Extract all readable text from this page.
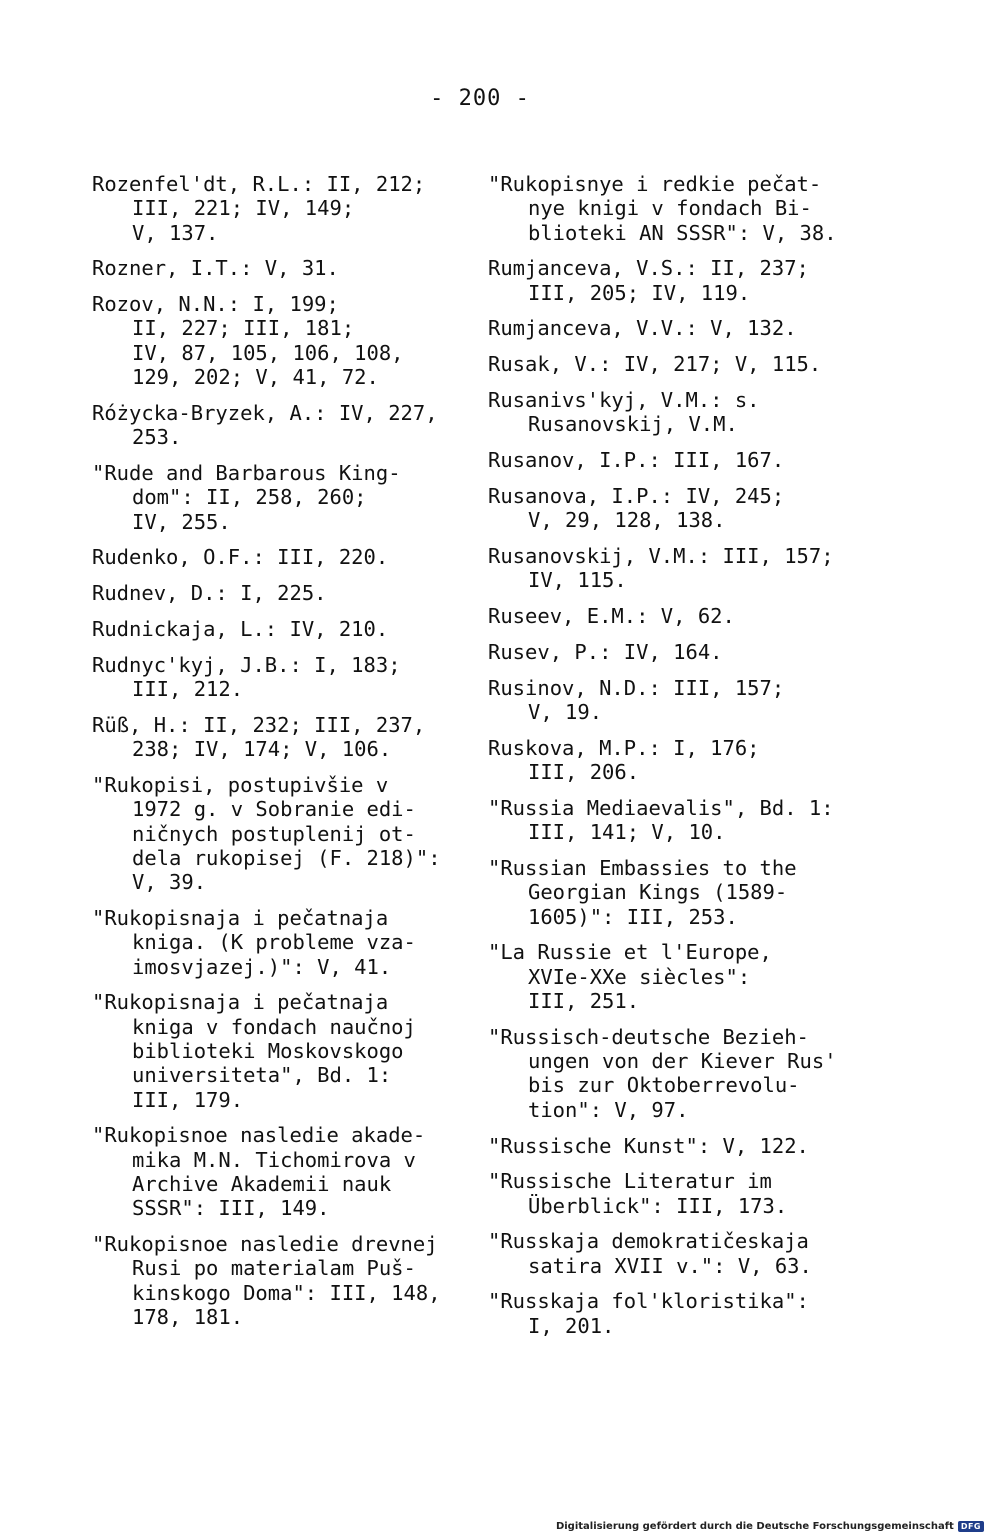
- 200 -
Rozenfel'dt, R.L.: II, 212;
III, 221; IV, 149;
V, 137.
Rozner, I.T.: V, 31.
Rozov, N.N.: I, 199;
II, 227; III, 181;
IV, 87, 105, 106, 108,
129, 202; V, 41, 72.
Różycka-Bryzek, A.: IV, 227,
253.
"Rude and Barbarous King-
dom": II, 258, 260;
IV, 255.
Rudenko, O.F.: III, 220.
Rudnev, D.: I, 225.
Rudnickaja, L.: IV, 210.
Rudnyc'kyj, J.B.: I, 183;
III, 212.
Rüß, H.: II, 232; III, 237,
238; IV, 174; V, 106.
"Rukopisi, postupivšie v
1972 g. v Sobranie edi-
ničnych postuplenij ot-
dela rukopisej (F. 218)":
V, 39.
"Rukopisnaja i pečatnaja
kniga. (K probleme vza-
imosvjazej.)": V, 41.
"Rukopisnaja i pečatnaja
kniga v fondach naučnoj
biblioteki Moskovskogo
universiteta", Bd. 1:
III, 179.
"Rukopisnoe nasledie akade-
mika M.N. Tichomirova v
Archive Akademii nauk
SSSR": III, 149.
"Rukopisnoe nasledie drevnej
Rusi po materialam Puš-
kinskogo Doma": III, 148,
178, 181.
"Rukopisnye i redkie pečat-
nye knigi v fondach Bi-
blioteki AN SSSR": V, 38.
Rumjanceva, V.S.: II, 237;
III, 205; IV, 119.
Rumjanceva, V.V.: V, 132.
Rusak, V.: IV, 217; V, 115.
Rusanivs'kyj, V.M.: s.
Rusanovskij, V.M.
Rusanov, I.P.: III, 167.
Rusanova, I.P.: IV, 245;
V, 29, 128, 138.
Rusanovskij, V.M.: III, 157;
IV, 115.
Ruseev, E.M.: V, 62.
Rusev, P.: IV, 164.
Rusinov, N.D.: III, 157;
V, 19.
Ruskova, M.P.: I, 176;
III, 206.
"Russia Mediaevalis", Bd. 1:
III, 141; V, 10.
"Russian Embassies to the
Georgian Kings (1589-
1605)": III, 253.
"La Russie et l'Europe,
XVIe-XXe siècles":
III, 251.
"Russisch-deutsche Bezieh-
ungen von der Kiever Rus'
bis zur Oktoberrevolu-
tion": V, 97.
"Russische Kunst": V, 122.
"Russische Literatur im
Überblick": III, 173.
"Russkaja demokratičeskaja
satira XVII v.": V, 63.
"Russkaja fol'kloristika":
I, 201.
Digitalisierung gefördert durch die Deutsche Forschungsgemeinschaft DFG
